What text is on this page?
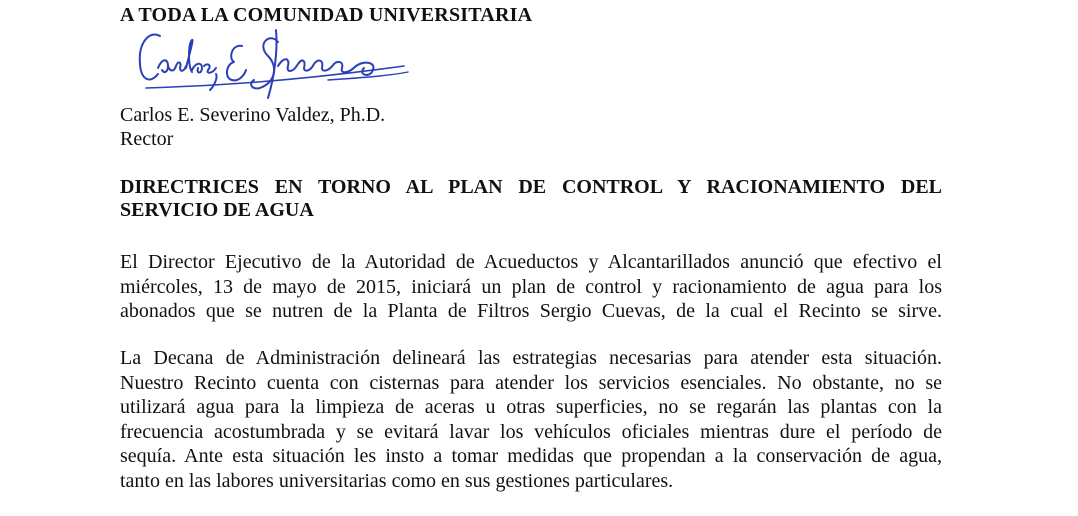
A TODA LA COMUNIDAD UNIVERSITARIA
Carlos E. Severino Valdez, Ph.D.
Rector
DIRECTRICES EN TORNO AL PLAN DE CONTROL Y RACIONAMIENTO DEL
SERVICIO DE AGUA
El Director Ejecutivo de la Autoridad de Acueductos y Alcantarillados anunció que efectivo el
miércoles, 13 de mayo de 2015, iniciará un plan de control y racionamiento de agua para los
abonados que se nutren de la Planta de Filtros Sergio Cuevas, de la cual el Recinto se sirve.
La Decana de Administración delineará las estrategias necesarias para atender esta situación.
Nuestro Recinto cuenta con cisternas para atender los servicios esenciales. No obstante, no se
utilizará agua para la limpieza de aceras u otras superficies, no se regarán las plantas con la
frecuencia acostumbrada y se evitará lavar los vehículos oficiales mientras dure el período de
sequía. Ante esta situación les insto a tomar medidas que propendan a la conservación de agua,
tanto en las labores universitarias como en sus gestiones particulares.
